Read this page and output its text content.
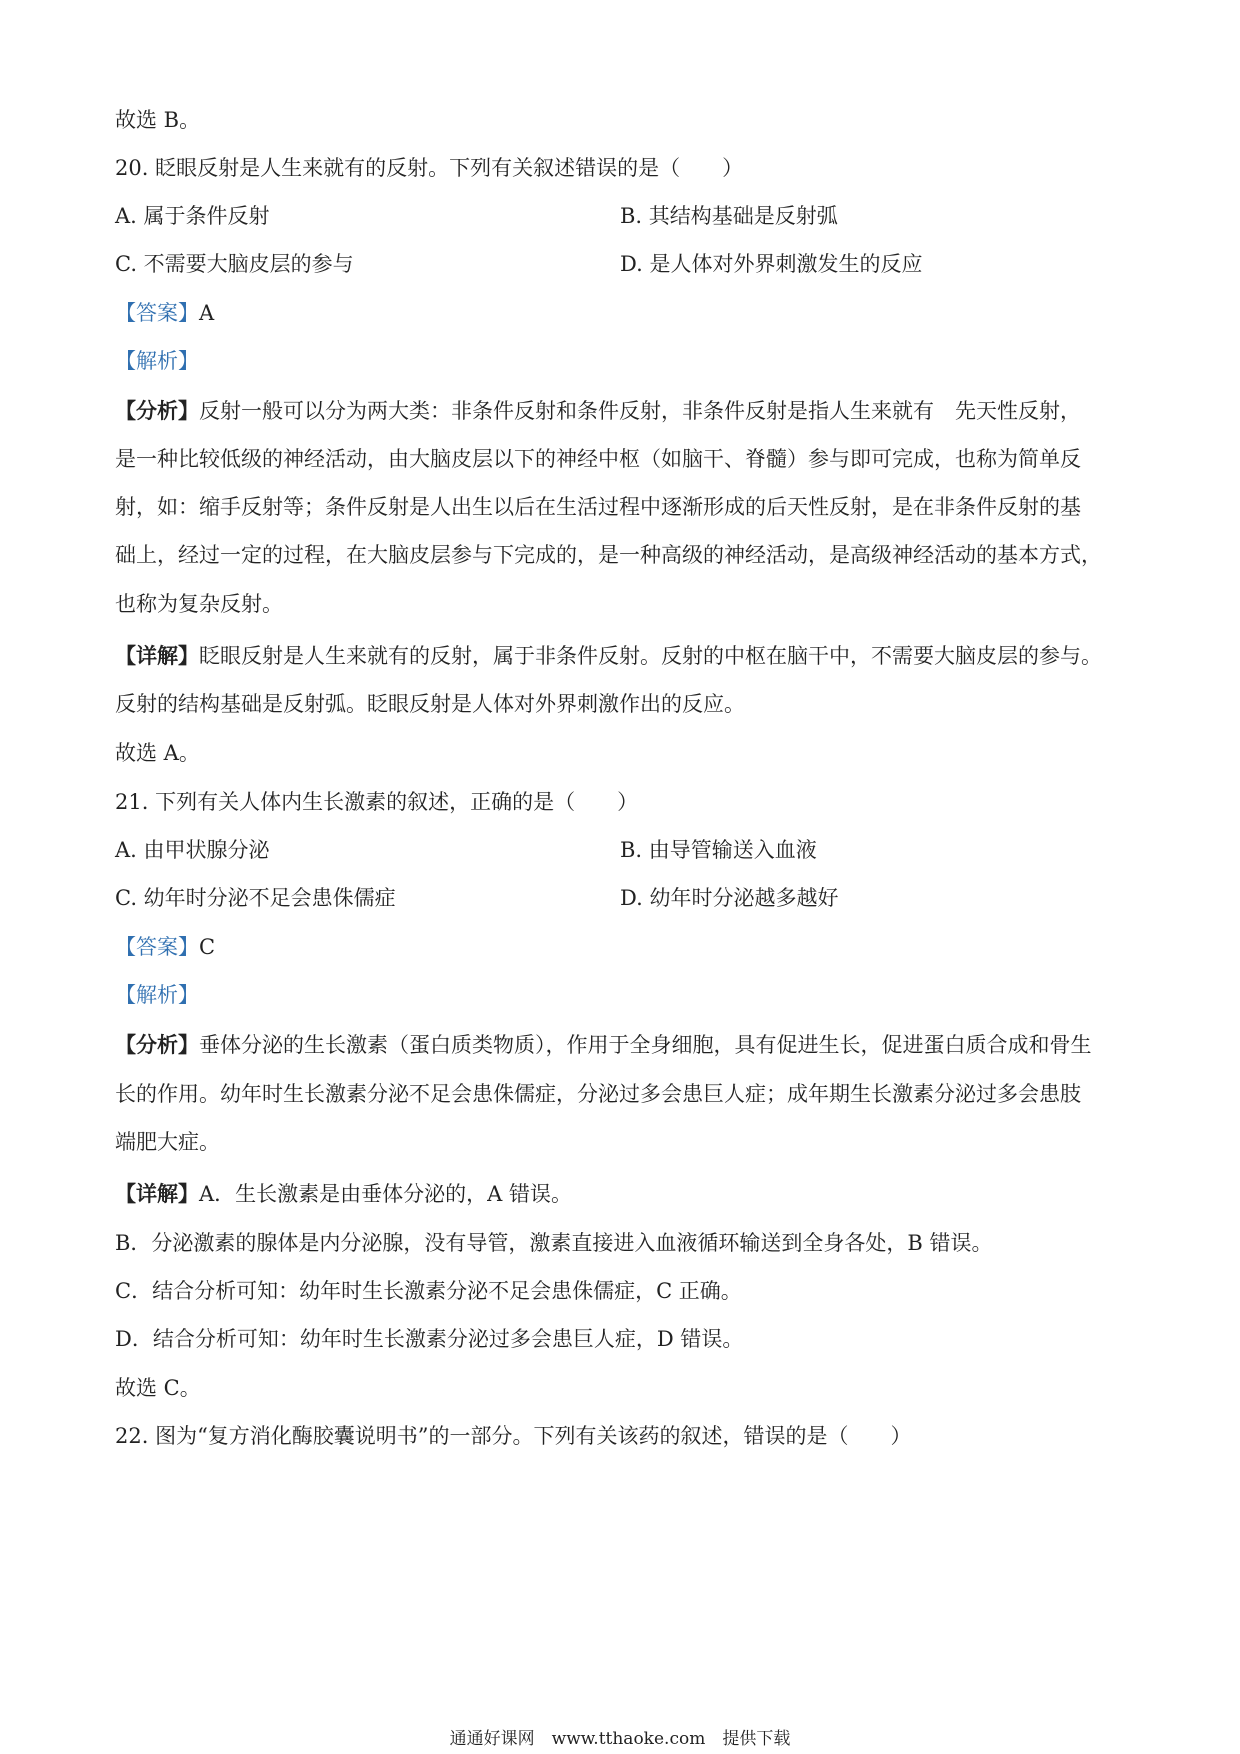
故选 B。
20. 眨眼反射是人生来就有的反射。下列有关叙述错误的是（　　）
A. 属于条件反射	B. 其结构基础是反射弧
C. 不需要大脑皮层的参与	D. 是人体对外界刺激发生的反应
【答案】A
【解析】
【分析】反射一般可以分为两大类：非条件反射和条件反射，非条件反射是指人生来就有　先天性反射，
是一种比较低级的神经活动，由大脑皮层以下的神经中枢（如脑干、脊髓）参与即可完成，也称为简单反
射，如：缩手反射等；条件反射是人出生以后在生活过程中逐渐形成的后天性反射，是在非条件反射的基
础上，经过一定的过程，在大脑皮层参与下完成的，是一种高级的神经活动，是高级神经活动的基本方式，
也称为复杂反射。
【详解】眨眼反射是人生来就有的反射，属于非条件反射。反射的中枢在脑干中，不需要大脑皮层的参与。
反射的结构基础是反射弧。眨眼反射是人体对外界刺激作出的反应。
故选 A。
21. 下列有关人体内生长激素的叙述，正确的是（　　）
A. 由甲状腺分泌	B. 由导管输送入血液
C. 幼年时分泌不足会患侏儒症	D. 幼年时分泌越多越好
【答案】C
【解析】
【分析】垂体分泌的生长激素（蛋白质类物质），作用于全身细胞，具有促进生长，促进蛋白质合成和骨生
长的作用。幼年时生长激素分泌不足会患侏儒症，分泌过多会患巨人症；成年期生长激素分泌过多会患肢
端肥大症。
【详解】A．生长激素是由垂体分泌的，A 错误。
B．分泌激素的腺体是内分泌腺，没有导管，激素直接进入血液循环输送到全身各处，B 错误。
C．结合分析可知：幼年时生长激素分泌不足会患侏儒症，C 正确。
D．结合分析可知：幼年时生长激素分泌过多会患巨人症，D 错误。
故选 C。
22. 图为“复方消化酶胶囊说明书”的一部分。下列有关该药的叙述，错误的是（　　）
通通好课网　www.tthaoke.com　提供下载
